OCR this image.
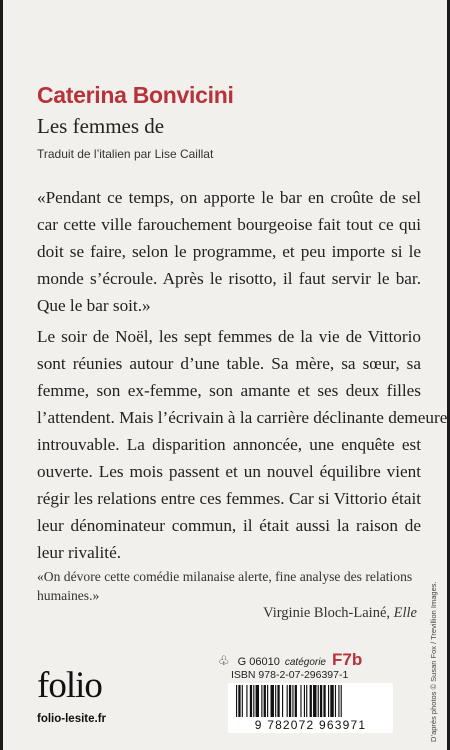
Caterina Bonvicini
Les femmes de
Traduit de l’italien par Lise Caillat

«Pendant ce temps, on apporte le bar en croûte de sel
car cette ville farouchement bourgeoise fait tout ce qui
doit se faire, selon le programme, et peu importe si le
monde s’écroule. Après le risotto, il faut servir le bar.
Que le bar soit.»

Le soir de Noël, les sept femmes de la vie de Vittorio
sont réunies autour d’une table. Sa mère, sa sœur, sa
femme, son ex-femme, son amante et ses deux filles
l’attendent. Mais l’écrivain à la carrière déclinante demeure
introuvable. La disparition annoncée, une enquête est
ouverte. Les mois passent et un nouvel équilibre vient
régir les relations entre ces femmes. Car si Vittorio était
leur dénominateur commun, il était aussi la raison de
leur rivalité.

«On dévore cette comédie milanaise alerte, fine analyse des relations
humaines.»
Virginie Bloch-Lainé, Elle
folio
folio-lesite.fr
♧ G 06010 catégorie F7b
ISBN 978-2-07-296397-1
9 782072 963971	D’après photos © Susan Fox / Trevillion Images.
